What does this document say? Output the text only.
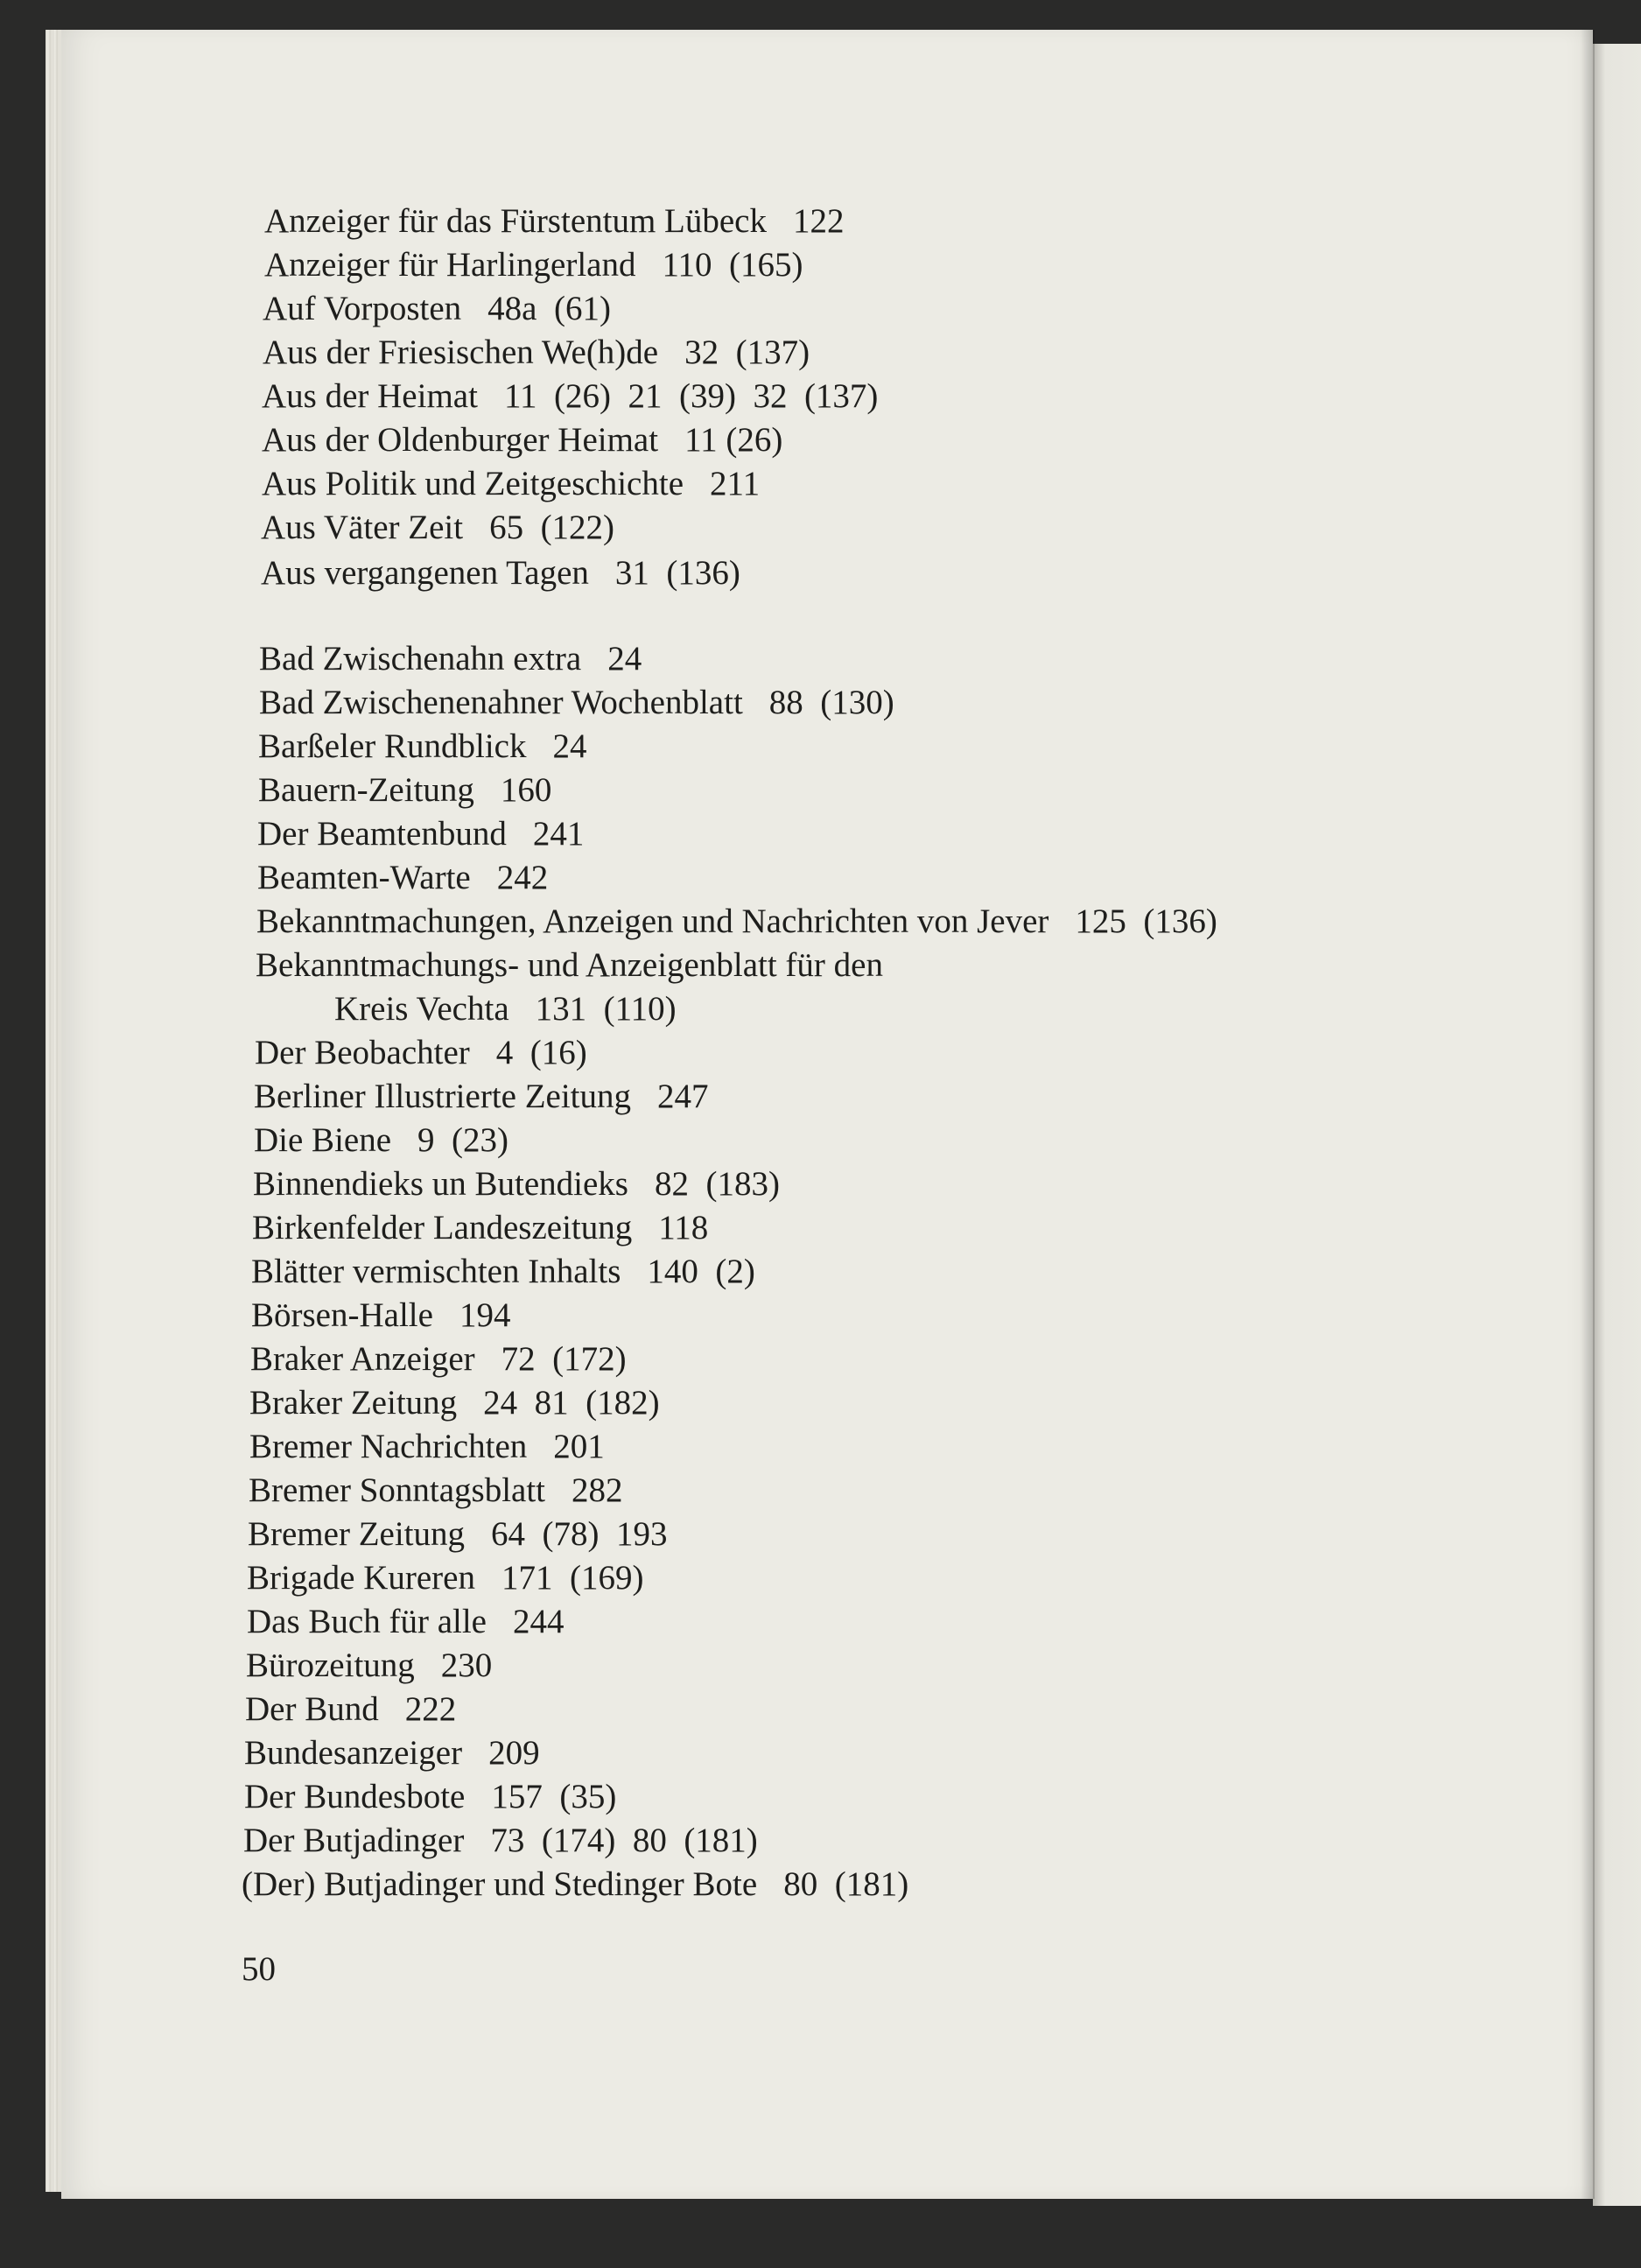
Anzeiger für das Fürstentum Lübeck 122
Anzeiger für Harlingerland 110  (165)
Auf Vorposten 48a  (61)
Aus der Friesischen We(h)de 32  (137)
Aus der Heimat 11  (26)  21  (39)  32  (137)
Aus der Oldenburger Heimat 11 (26)
Aus Politik und Zeitgeschichte 211
Aus Väter Zeit 65  (122)
Aus vergangenen Tagen 31  (136)
Bad Zwischenahn extra 24
Bad Zwischenenahner Wochenblatt 88  (130)
Barßeler Rundblick 24
Bauern-Zeitung 160
Der Beamtenbund 241
Beamten-Warte 242
Bekanntmachungen, Anzeigen und Nachrichten von Jever 125  (136)
Bekanntmachungs- und Anzeigenblatt für den
Kreis Vechta 131  (110)
Der Beobachter 4  (16)
Berliner Illustrierte Zeitung 247
Die Biene 9  (23)
Binnendieks un Butendieks 82  (183)
Birkenfelder Landeszeitung 118
Blätter vermischten Inhalts 140  (2)
Börsen-Halle 194
Braker Anzeiger 72  (172)
Braker Zeitung 24  81  (182)
Bremer Nachrichten 201
Bremer Sonntagsblatt 282
Bremer Zeitung 64  (78)  193
Brigade Kureren 171  (169)
Das Buch für alle 244
Bürozeitung 230
Der Bund 222
Bundesanzeiger 209
Der Bundesbote 157  (35)
Der Butjadinger 73  (174)  80  (181)
(Der) Butjadinger und Stedinger Bote 80  (181)
50
